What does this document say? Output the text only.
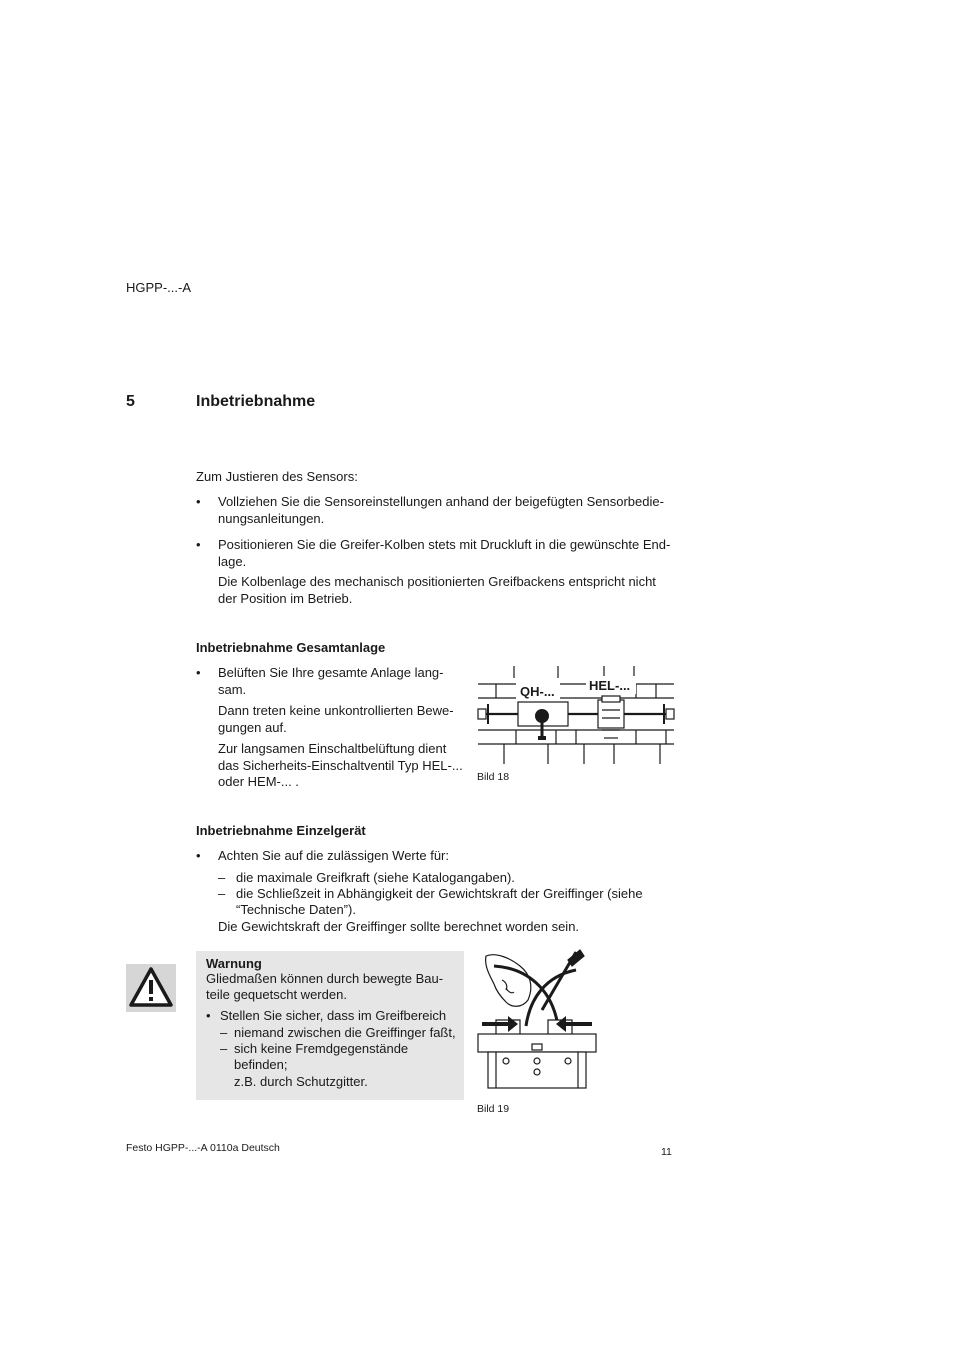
HGPP-...-A
5	Inbetriebnahme
Zum Justieren des Sensors:
• Vollziehen Sie die Sensoreinstellungen anhand der beigefügten Sensorbedie-
nungsanleitungen.
• Positionieren Sie die Greifer-Kolben stets mit Druckluft in die gewünschte End-
lage.
Die Kolbenlage des mechanisch positionierten Greifbackens entspricht nicht
der Position im Betrieb.
Inbetriebnahme Gesamtanlage
• Belüften Sie Ihre gesamte Anlage lang-
sam.
Dann treten keine unkontrollierten Bewe-
gungen auf.
Zur langsamen Einschaltbelüftung dient
das Sicherheits-Einschaltventil Typ HEL-...
oder HEM-... .
QH-...	HEL-...
Bild 18
Inbetriebnahme Einzelgerät
• Achten Sie auf die zulässigen Werte für:
– die maximale Greifkraft (siehe Katalogangaben).
– die Schließzeit in Abhängigkeit der Gewichtskraft der Greiffinger (siehe
“Technische Daten”).
Die Gewichtskraft der Greiffinger sollte berechnet worden sein.
Warnung
Gliedmaßen können durch bewegte Bau-
teile gequetscht werden.
• Stellen Sie sicher, dass im Greifbereich
– niemand zwischen die Greiffinger faßt,
– sich keine Fremdgegenstände
befinden;
z.B. durch Schutzgitter.
Bild 19
Festo HGPP-...-A 0110a Deutsch	11
